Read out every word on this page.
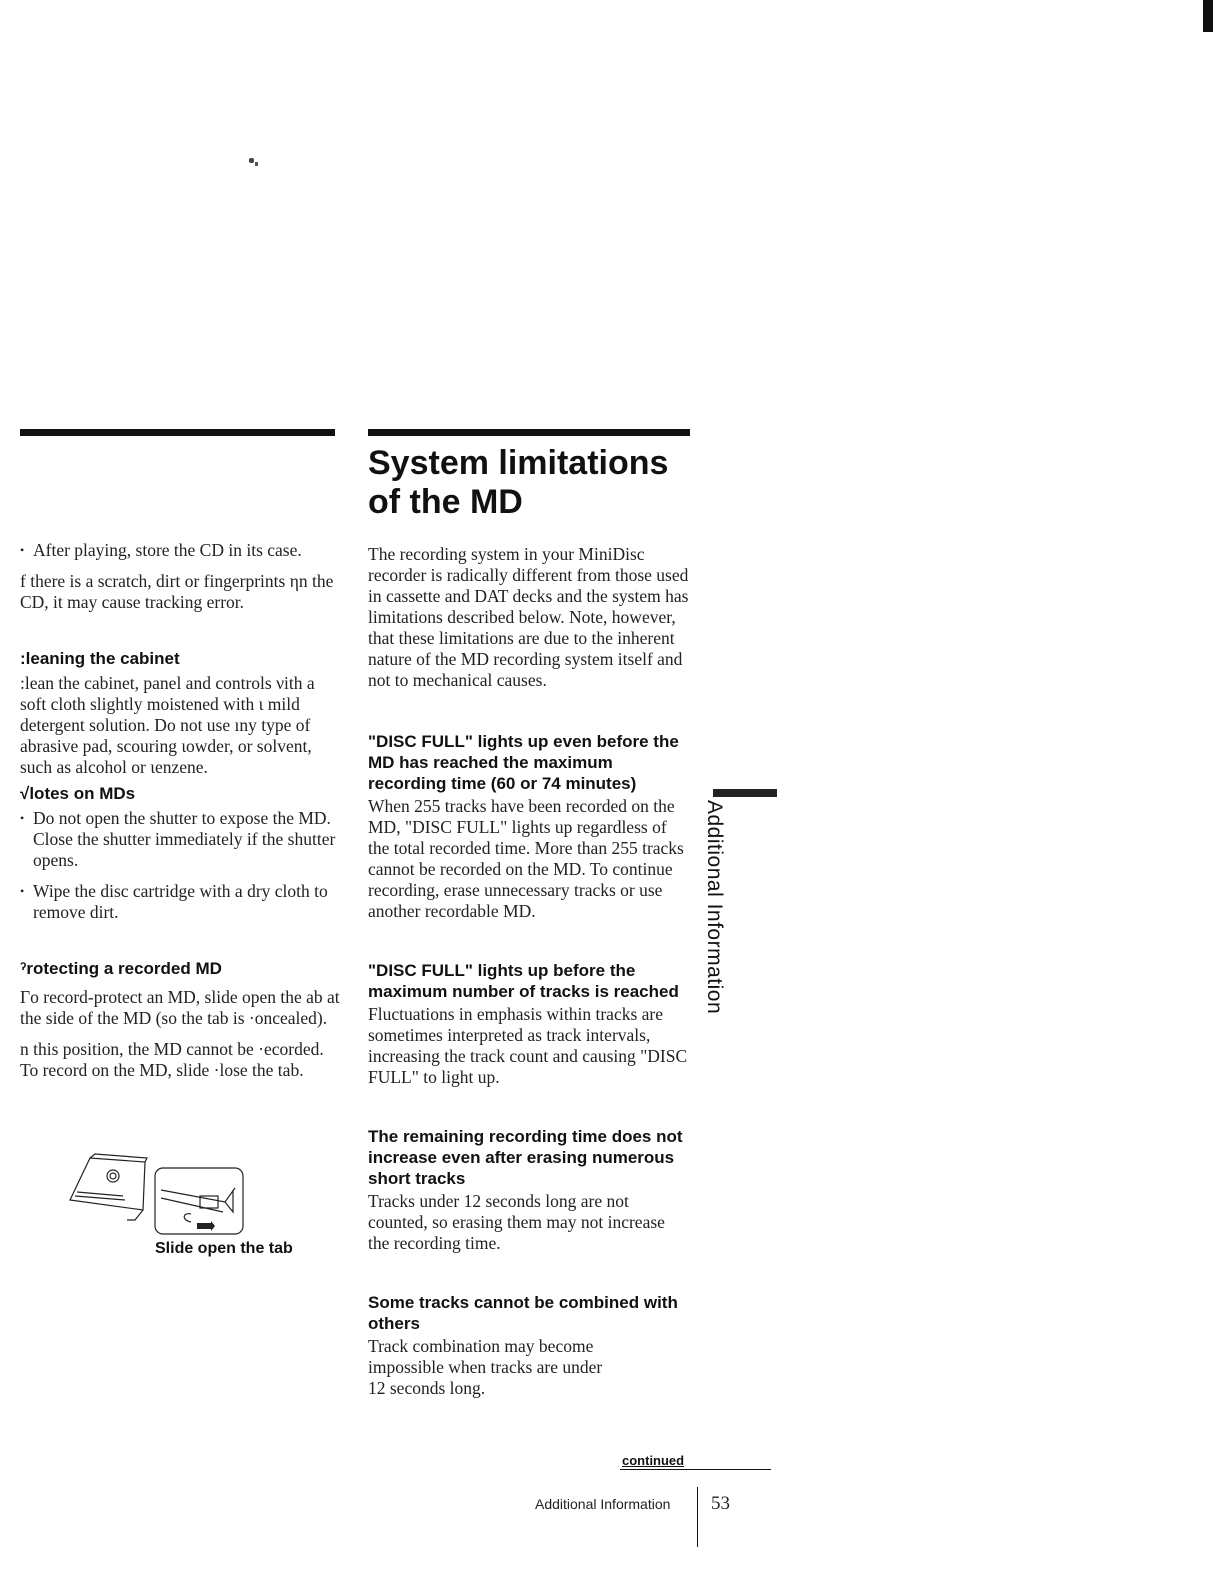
• After playing, store the CD in its case.

f there is a scratch, dirt or fingerprints ηn the CD, it may cause tracking error.

:leaning the cabinet

:lean the cabinet, panel and controls νith a soft cloth slightly moistened with ι mild detergent solution. Do not use ıny type of abrasive pad, scouring ιowder, or solvent, such as alcohol or ιenzene.

√lotes on MDs
• Do not open the shutter to expose the MD. Close the shutter immediately if the shutter opens.
• Wipe the disc cartridge with a dry cloth to remove dirt.
ˀrotecting a recorded MD

Γo record-protect an MD, slide open the ab at the side of the MD (so the tab is ·oncealed).

n this position, the MD cannot be ·ecorded. To record on the MD, slide ·lose the tab.

Slide open the tab
System limitations of the MD

The recording system in your MiniDisc recorder is radically different from those used in cassette and DAT decks and the system has limitations described below. Note, however, that these limitations are due to the inherent nature of the MD recording system itself and not to mechanical causes.

"DISC FULL" lights up even before the MD has reached the maximum recording time (60 or 74 minutes)

When 255 tracks have been recorded on the MD, "DISC FULL" lights up regardless of the total recorded time. More than 255 tracks cannot be recorded on the MD. To continue recording, erase unnecessary tracks or use another recordable MD.

"DISC FULL" lights up before the maximum number of tracks is reached

Fluctuations in emphasis within tracks are sometimes interpreted as track intervals, increasing the track count and causing "DISC FULL" to light up.

The remaining recording time does not increase even after erasing numerous short tracks

Tracks under 12 seconds long are not counted, so erasing them may not increase the recording time.

Some tracks cannot be combined with others

Track combination may become impossible when tracks are under 12 seconds long.

continued
Additional Information
Additional Information 53
